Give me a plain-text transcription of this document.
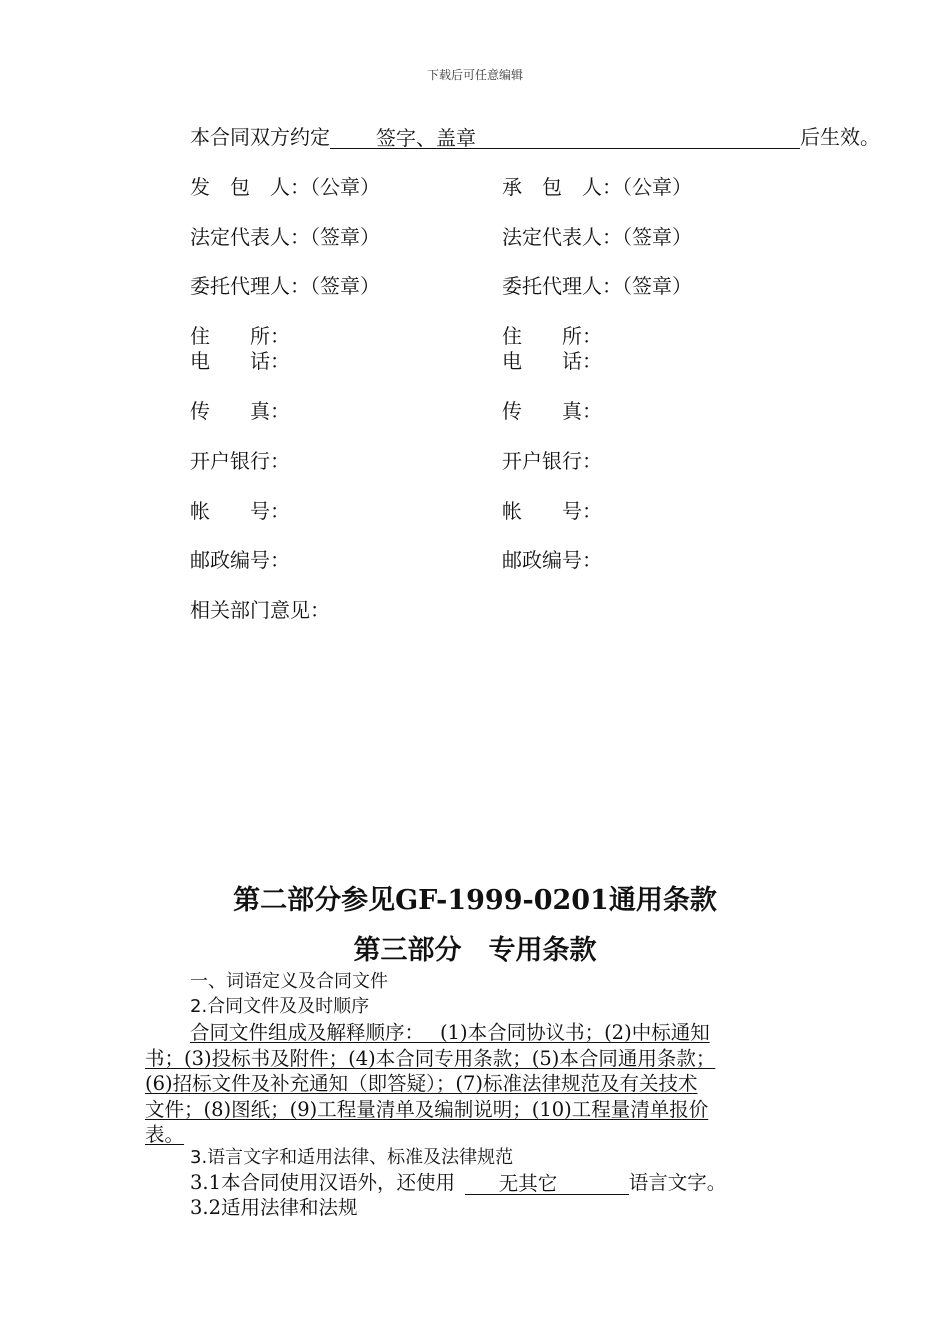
下载后可任意编辑
本合同双方约定 签字、盖章	后生效。
发　包　人：（公章）
法定代表人：（签章）
委托代理人：（签章）
住　　所：
电　　话：
传　　真：
开户银行：
帐　　号：
邮政编号：
承　包　人：（公章）
法定代表人：（签章）
委托代理人：（签章）
住　　所：
电　　话：
传　　真：
开户银行：
帐　　号：
邮政编号：
相关部门意见：
第二部分参见GF-1999-0201通用条款
第三部分　专用条款
一、词语定义及合同文件
2.合同文件及及时顺序
合同文件组成及解释顺序：　 (1)本合同协议书；(2)中标通知
书；(3)投标书及附件；(4)本合同专用条款；(5)本合同通用条款；
(6)招标文件及补充通知（即答疑）；(7)标准法律规范及有关技术
文件；(8)图纸；(9)工程量清单及编制说明；(10)工程量清单报价
表。
3.语言文字和适用法律、标准及法律规范
3.1本合同使用汉语外，还使用  无其它	语言文字。
3.2适用法律和法规
